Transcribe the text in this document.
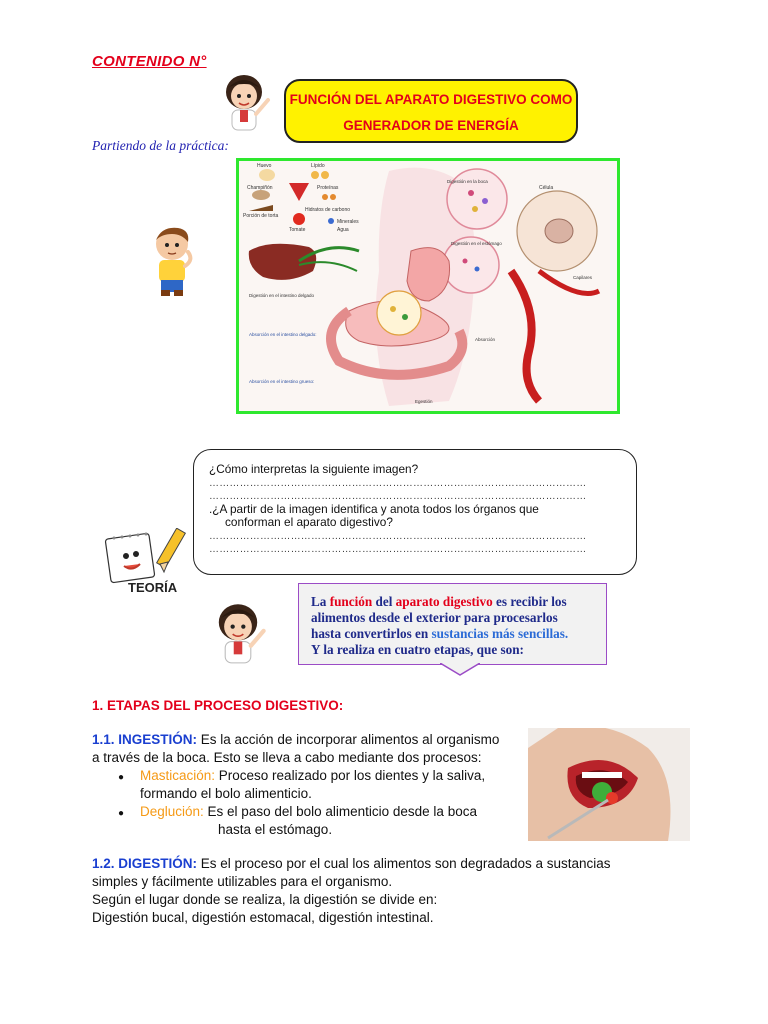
CONTENIDO N°
FUNCIÓN DEL APARATO DIGESTIVO COMO
GENERADOR DE ENERGÍA
Partiendo de la práctica:
Huevo	Lípido
Champiñón	Proteínas
Hidratos de carbono
Porción de torta
Tomate
Minerales
Agua
Digestión en la boca
Célula
Digestión en el estómago
Digestión en el intestino delgado
Absorción en el intestino delgado:
Absorción en el intestino grueso:
Capilares
Absorción
Egestión
¿Cómo interpretas la siguiente imagen?
…………………………………………………………………………………………………
…………………………………………………………………………………………………
.¿A partir de la imagen identifica y anota todos los órganos que
conforman el aparato digestivo?
…………………………………………………………………………………………………
…………………………………………………………………………………………………
TEORÍA
La función del aparato digestivo es recibir los
alimentos desde el exterior para procesarlos
hasta convertirlos en sustancias más sencillas.
Y la realiza en cuatro etapas, que son:
1. ETAPAS DEL PROCESO DIGESTIVO:
1.1. INGESTIÓN: Es la acción de incorporar alimentos al organismo
a través de la boca. Esto se lleva a cabo mediante dos procesos:
● Masticación: Proceso realizado por los dientes y la saliva,
formando el bolo alimenticio.
● Deglución: Es el paso del bolo alimenticio desde la boca
hasta el estómago.
1.2. DIGESTIÓN: Es el proceso por el cual los alimentos son degradados a sustancias
simples y fácilmente utilizables para el organismo.
Según el lugar donde se realiza, la digestión se divide en:
Digestión bucal, digestión estomacal, digestión intestinal.
